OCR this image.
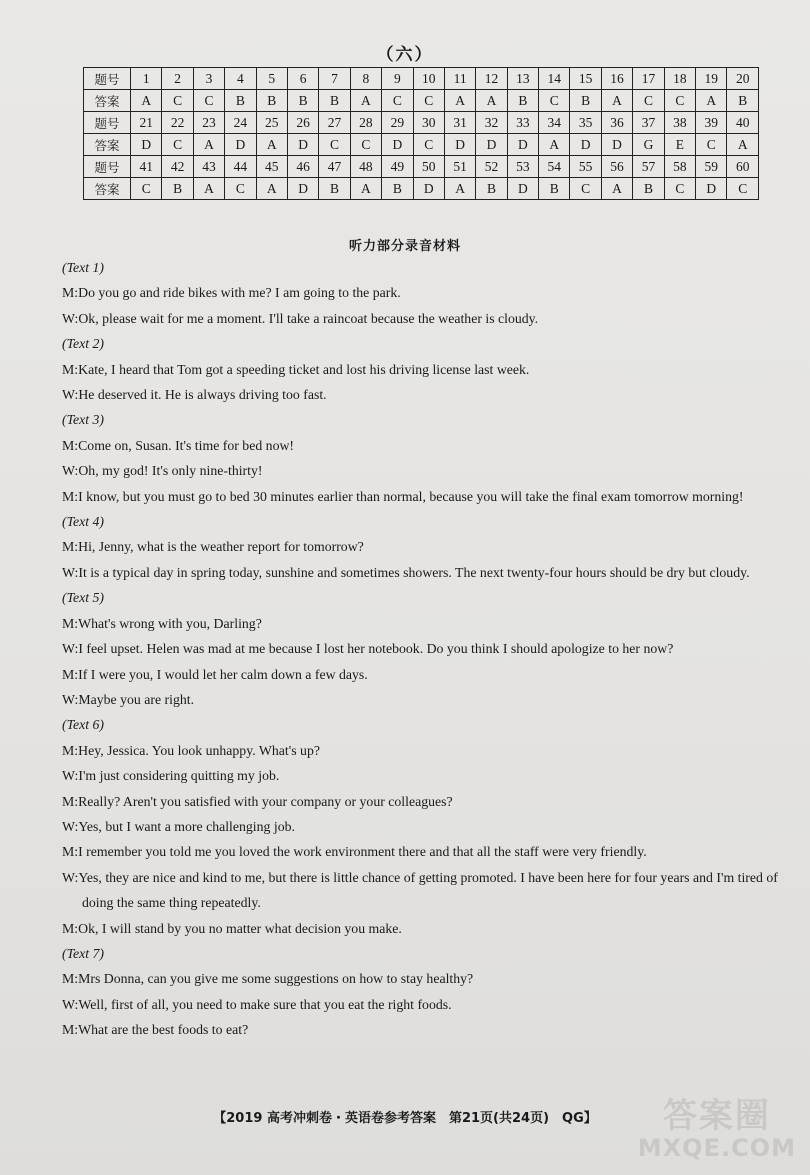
（六）
题号	1	2	3	4	5	6	7	8	9	10	11	12	13	14	15	16	17	18	19	20
答案	A	C	C	B	B	B	B	A	C	C	A	A	B	C	B	A	C	C	A	B
题号	21	22	23	24	25	26	27	28	29	30	31	32	33	34	35	36	37	38	39	40
答案	D	C	A	D	A	D	C	C	D	C	D	D	D	A	D	D	G	E	C	A
题号	41	42	43	44	45	46	47	48	49	50	51	52	53	54	55	56	57	58	59	60
答案	C	B	A	C	A	D	B	A	B	D	A	B	D	B	C	A	B	C	D	C
听力部分录音材料
(Text 1)
M:Do you go and ride bikes with me? I am going to the park.
W:Ok, please wait for me a moment. I'll take a raincoat because the weather is cloudy.
(Text 2)
M:Kate, I heard that Tom got a speeding ticket and lost his driving license last week.
W:He deserved it. He is always driving too fast.
(Text 3)
M:Come on, Susan. It's time for bed now!
W:Oh, my god! It's only nine-thirty!
M:I know, but you must go to bed 30 minutes earlier than normal, because you will take the final exam tomorrow morning!
(Text 4)
M:Hi, Jenny, what is the weather report for tomorrow?
W:It is a typical day in spring today, sunshine and sometimes showers. The next twenty-four hours should be dry but cloudy.
(Text 5)
M:What's wrong with you, Darling?
W:I feel upset. Helen was mad at me because I lost her notebook. Do you think I should apologize to her now?
M:If I were you, I would let her calm down a few days.
W:Maybe you are right.
(Text 6)
M:Hey, Jessica. You look unhappy. What's up?
W:I'm just considering quitting my job.
M:Really? Aren't you satisfied with your company or your colleagues?
W:Yes, but I want a more challenging job.
M:I remember you told me you loved the work environment there and that all the staff were very friendly.
W:Yes, they are nice and kind to me, but there is little chance of getting promoted. I have been here for four years and I'm tired of doing the same thing repeatedly.
M:Ok, I will stand by you no matter what decision you make.
(Text 7)
M:Mrs Donna, can you give me some suggestions on how to stay healthy?
W:Well, first of all, you need to make sure that you eat the right foods.
M:What are the best foods to eat?
【2019 高考冲刺卷・英语卷参考答案　第21页(共24页)　QG】	答案圈
MXQE.COM
